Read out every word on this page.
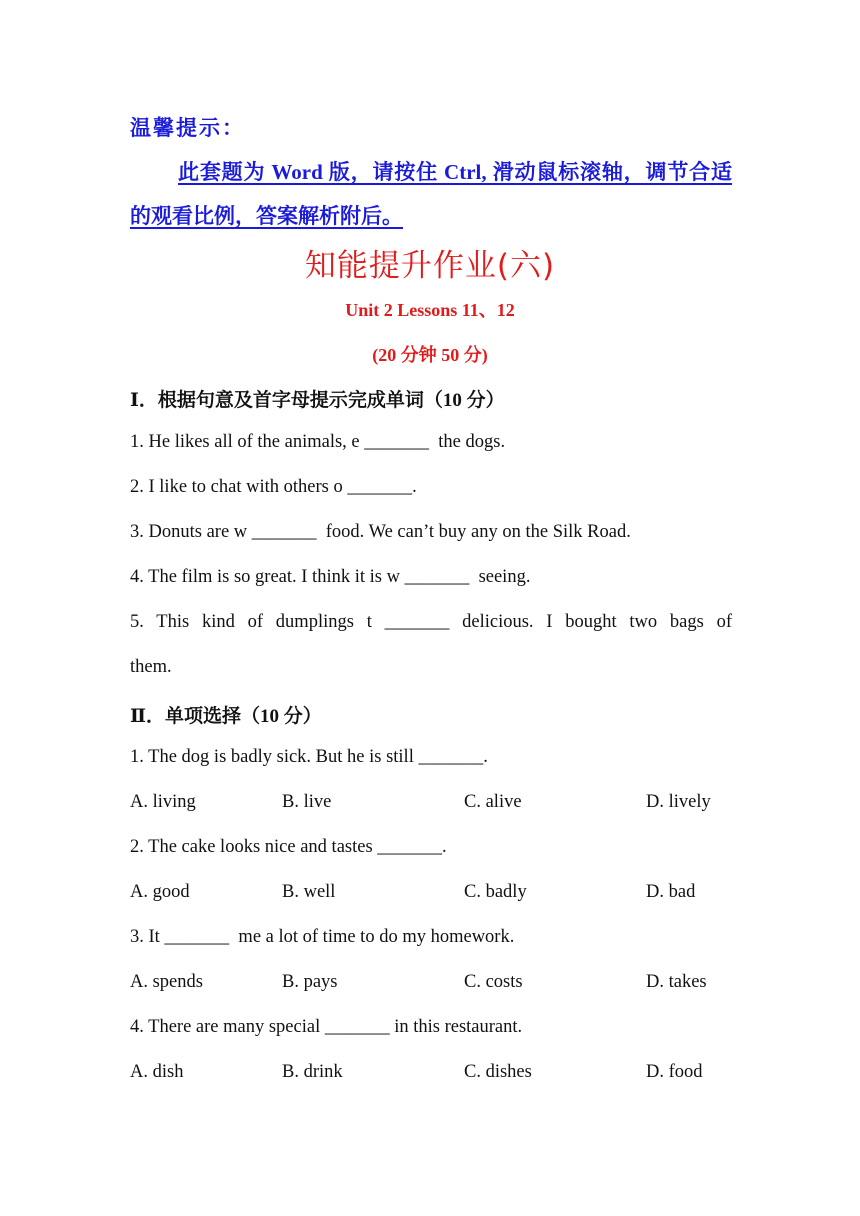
温馨提示：
此套题为 Word 版，请按住 Ctrl, 滑动鼠标滚轴，调节合适的观看比例，答案解析附后。
知能提升作业(六)
Unit 2 Lessons 11、12
(20 分钟 50 分)
Ⅰ．根据句意及首字母提示完成单词（10 分）
1. He likes all of the animals, e _______  the dogs.
2. I like to chat with others o _______.
3. Donuts are w _______  food. We can’t buy any on the Silk Road.
4. The film is so great. I think it is w _______  seeing.
5. This kind of dumplings t _______ delicious. I bought two bags of
them.
Ⅱ．单项选择（10 分）
1. The dog is badly sick. But he is still _______.
A. living	B. live	C. alive	D. lively
2. The cake looks nice and tastes _______.
A. good	B. well	C. badly	D. bad
3. It _______  me a lot of time to do my homework.
A. spends	B. pays	C. costs	D. takes
4. There are many special _______ in this restaurant.
A. dish	B. drink	C. dishes	D. food
